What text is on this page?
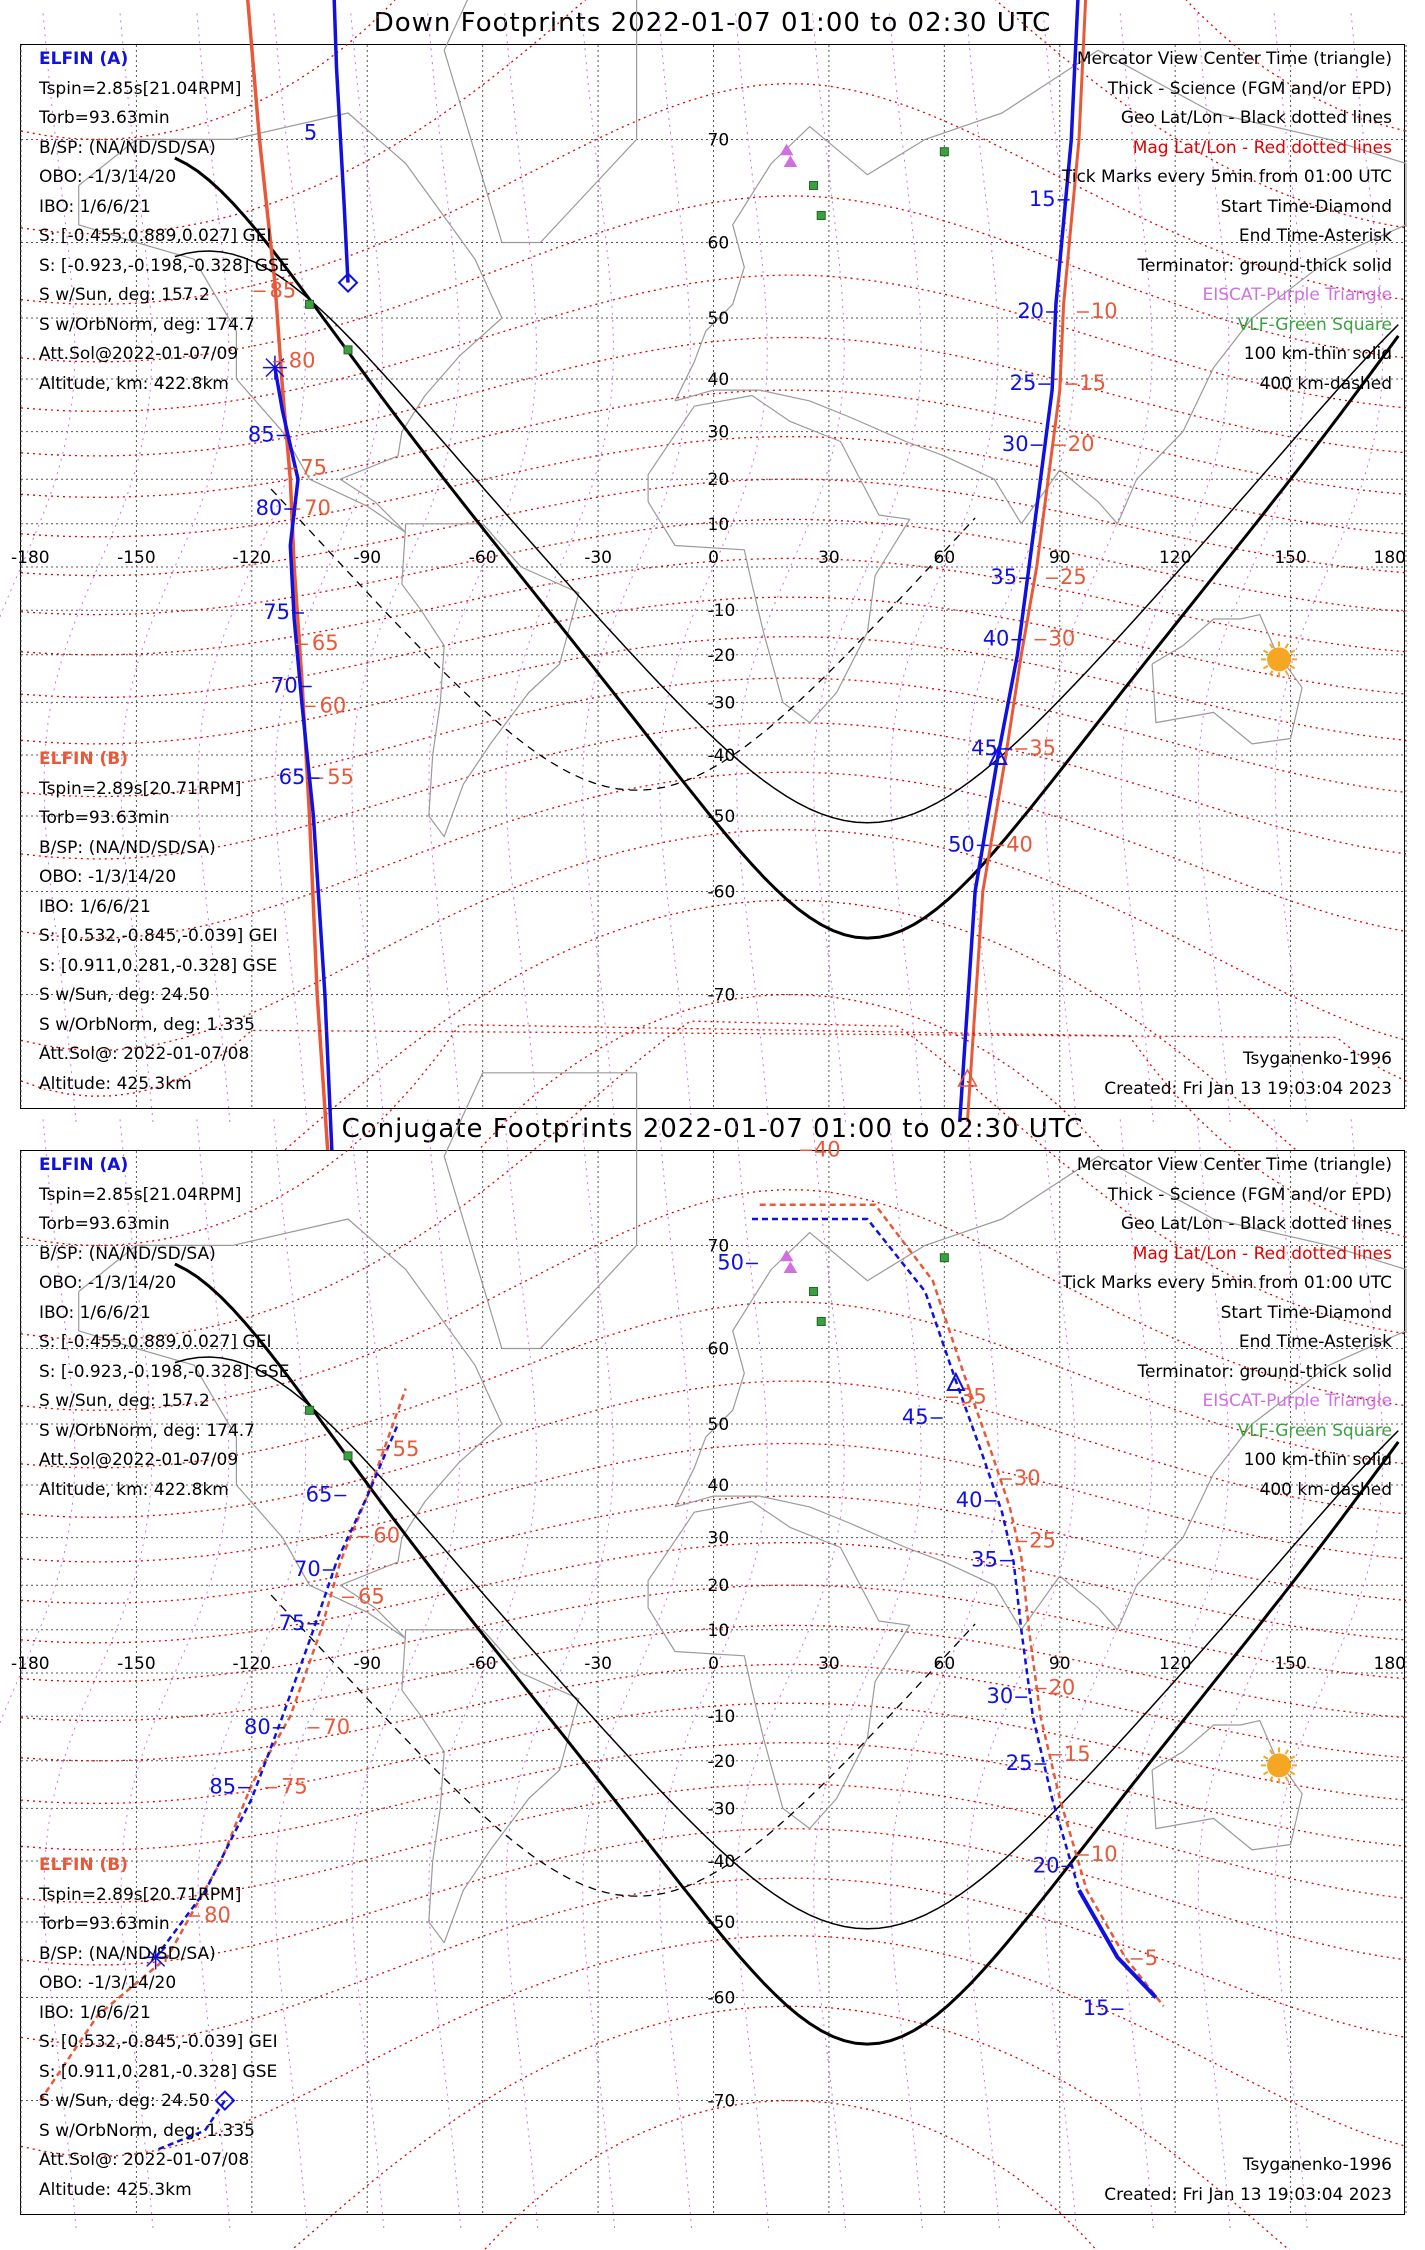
Down Footprints 2022-01-07 01:00 to 02:30 UTC
-180	-150	-120	-90	-60	-30	0	30	60	90	120	150	180
70
60
50
40
30
20
10
-10
-20
-30
-40
-50
-60
-70
5
85
80
75
70
65
60
55
85
80
75
70
65
15
20
25
30
35
40
45
50
10
15
20
25
30
35
40
ELFIN (A)
Tspin=2.85s[21.04RPM]
Torb=93.63min
B/SP: (NA/ND/SD/SA)
OBO: -1/3/14/20
IBO: 1/6/6/21
S: [-0.455,0.889,0.027] GEI
S: [-0.923,-0.198,-0.328] GSE
S w/Sun, deg: 157.2
S w/OrbNorm, deg: 174.7
Att.Sol@2022-01-07/09
Altitude, km: 422.8km
ELFIN (B)
Tspin=2.89s[20.71RPM]
Torb=93.63min
B/SP: (NA/ND/SD/SA)
OBO: -1/3/14/20
IBO: 1/6/6/21
S: [0.532,-0.845,-0.039] GEI
S: [0.911,0.281,-0.328] GSE
S w/Sun, deg: 24.50
S w/OrbNorm, deg: 1.335
Att.Sol@: 2022-01-07/08
Altitude: 425.3km
Mercator View Center Time (triangle)
Thick - Science (FGM and/or EPD)
Geo Lat/Lon - Black dotted lines
Mag Lat/Lon - Red dotted lines
Tick Marks every 5min from 01:00 UTC
Start Time-Diamond
End Time-Asterisk
Terminator: ground-thick solid
EISCAT-Purple Triangle
VLF-Green Square
100 km-thin solid
400 km-dashed
Tsyganenko-1996
Created: Fri Jan 13 19:03:04 2023
Conjugate Footprints 2022-01-07 01:00 to 02:30 UTC
-180	-150	-120	-90	-60	-30	0	30	60	90	120	150	180
70
60
50
40
30
20
10
-10
-20
-30
-40
-50
-60
-70
65
70
75
80
85
55
60
65
70
75
80
50
45
40
35
30
25
20
15
40
35
30
25
20
15
10
5
ELFIN (A)
Tspin=2.85s[21.04RPM]
Torb=93.63min
B/SP: (NA/ND/SD/SA)
OBO: -1/3/14/20
IBO: 1/6/6/21
S: [-0.455,0.889,0.027] GEI
S: [-0.923,-0.198,-0.328] GSE
S w/Sun, deg: 157.2
S w/OrbNorm, deg: 174.7
Att.Sol@2022-01-07/09
Altitude, km: 422.8km
ELFIN (B)
Tspin=2.89s[20.71RPM]
Torb=93.63min
B/SP: (NA/ND/SD/SA)
OBO: -1/3/14/20
IBO: 1/6/6/21
S: [0.532,-0.845,-0.039] GEI
S: [0.911,0.281,-0.328] GSE
S w/Sun, deg: 24.50
S w/OrbNorm, deg: 1.335
Att.Sol@: 2022-01-07/08
Altitude: 425.3km
Mercator View Center Time (triangle)
Thick - Science (FGM and/or EPD)
Geo Lat/Lon - Black dotted lines
Mag Lat/Lon - Red dotted lines
Tick Marks every 5min from 01:00 UTC
Start Time-Diamond
End Time-Asterisk
Terminator: ground-thick solid
EISCAT-Purple Triangle
VLF-Green Square
100 km-thin solid
400 km-dashed
Tsyganenko-1996
Created: Fri Jan 13 19:03:04 2023
